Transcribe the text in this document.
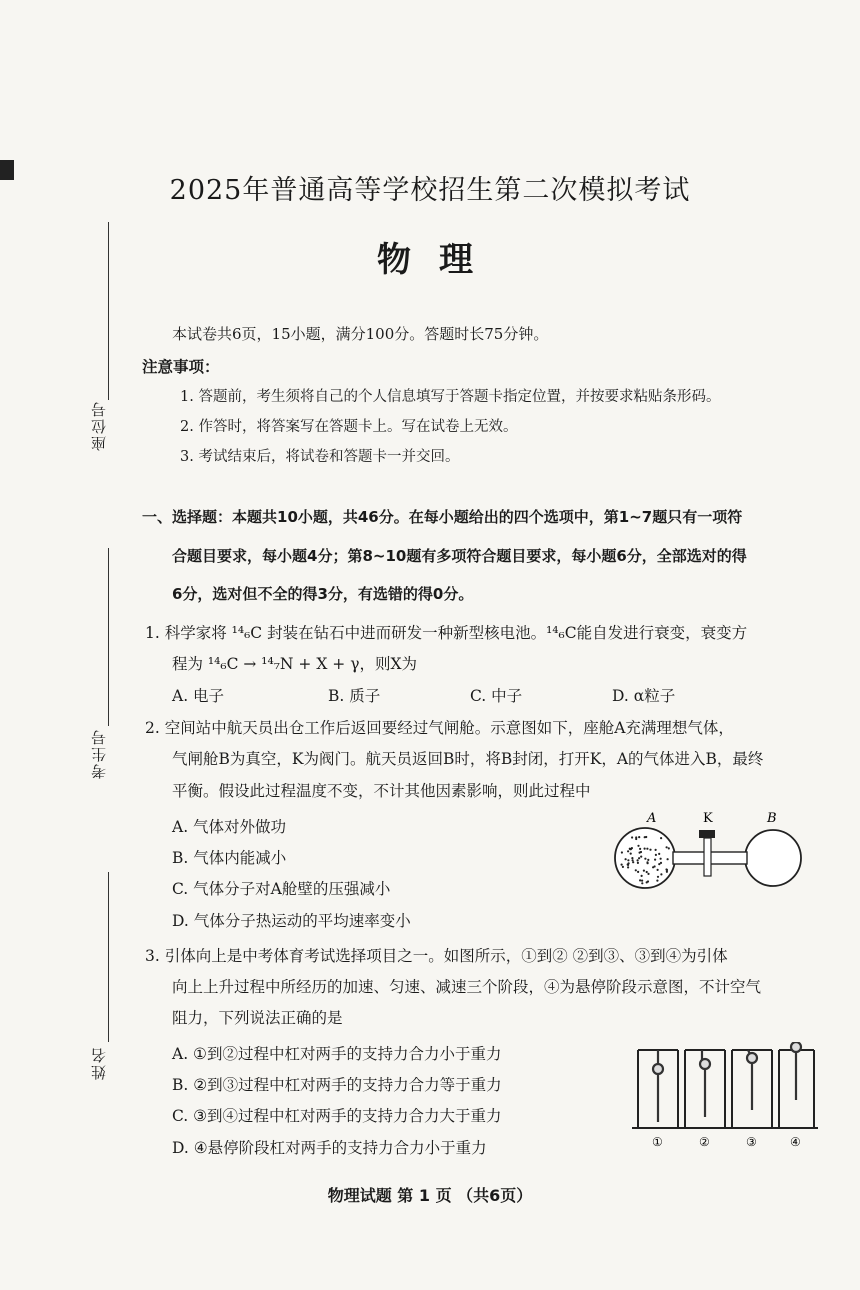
座位号
考生号
姓名
2025年普通高等学校招生第二次模拟考试
物理
本试卷共6页，15小题，满分100分。答题时长75分钟。
注意事项：
1. 答题前，考生须将自己的个人信息填写于答题卡指定位置，并按要求粘贴条形码。
2. 作答时，将答案写在答题卡上。写在试卷上无效。
3. 考试结束后，将试卷和答题卡一并交回。
一、选择题：本题共10小题，共46分。在每小题给出的四个选项中，第1~7题只有一项符
合题目要求，每小题4分；第8~10题有多项符合题目要求，每小题6分，全部选对的得
6分，选对但不全的得3分，有选错的得0分。
1. 科学家将 ¹⁴₆C 封装在钻石中进而研发一种新型核电池。¹⁴₆C能自发进行衰变，衰变方
程为 ¹⁴₆C → ¹⁴₇N + X + γ，则X为
A. 电子	B. 质子	C. 中子	D. α粒子
2. 空间站中航天员出仓工作后返回要经过气闸舱。示意图如下，座舱A充满理想气体，
气闸舱B为真空，K为阀门。航天员返回B时，将B封闭，打开K，A的气体进入B，最终
平衡。假设此过程温度不变，不计其他因素影响，则此过程中
A. 气体对外做功
B. 气体内能减小
C. 气体分子对A舱壁的压强减小
D. 气体分子热运动的平均速率变小
A	K	B
3. 引体向上是中考体育考试选择项目之一。如图所示，①到② ②到③、③到④为引体
向上上升过程中所经历的加速、匀速、减速三个阶段，④为悬停阶段示意图，不计空气
阻力，下列说法正确的是
A. ①到②过程中杠对两手的支持力合力小于重力
B. ②到③过程中杠对两手的支持力合力等于重力
C. ③到④过程中杠对两手的支持力合力大于重力
D. ④悬停阶段杠对两手的支持力合力小于重力	①	②	③	④
物理试题 第 1 页 （共6页）
